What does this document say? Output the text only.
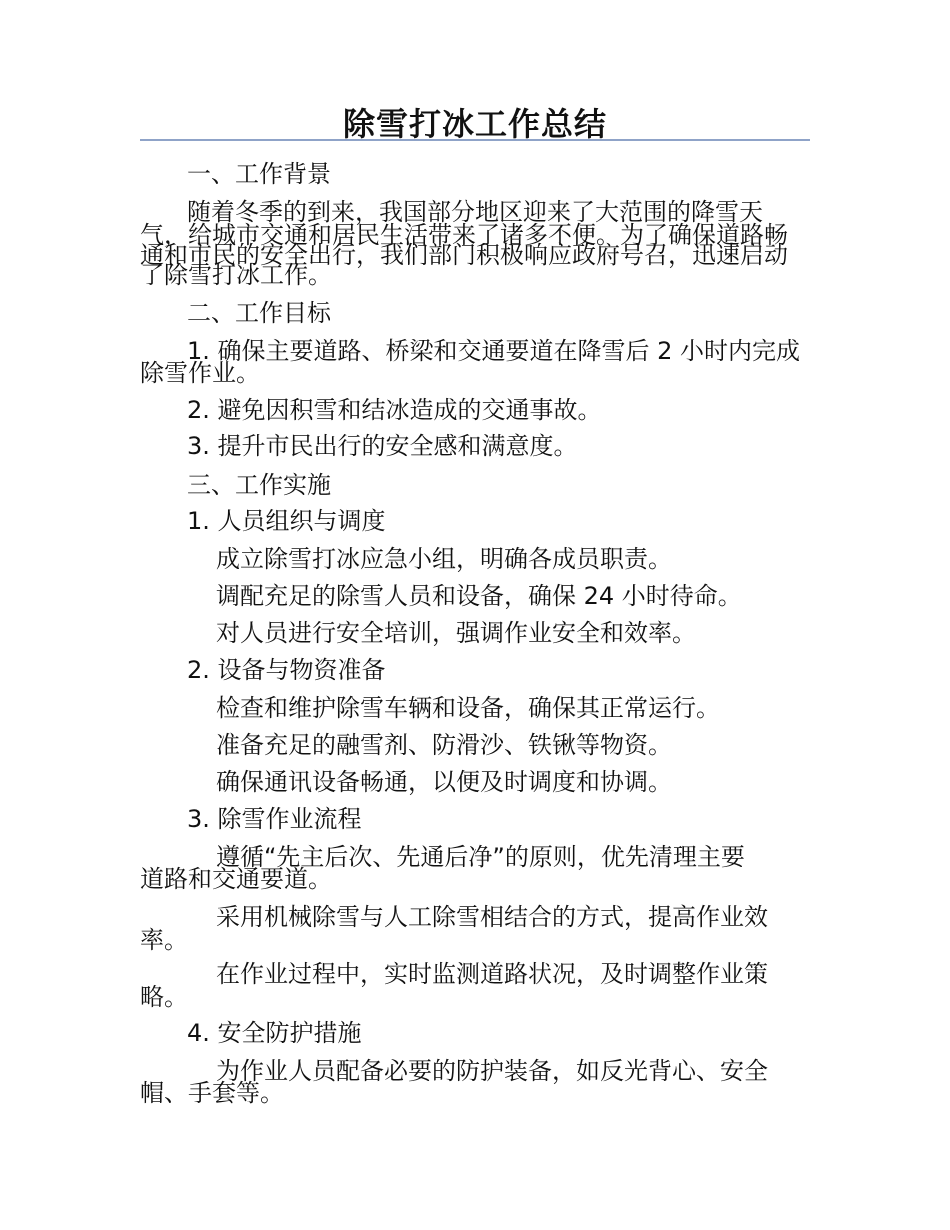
除雪打冰工作总结
一、工作背景
随着冬季的到来，我国部分地区迎来了大范围的降雪天
气，给城市交通和居民生活带来了诸多不便。为了确保道路畅
通和市民的安全出行，我们部门积极响应政府号召，迅速启动
了除雪打冰工作。
二、工作目标
1. 确保主要道路、桥梁和交通要道在降雪后 2 小时内完成
除雪作业。
2. 避免因积雪和结冰造成的交通事故。
3. 提升市民出行的安全感和满意度。
三、工作实施
1. 人员组织与调度
成立除雪打冰应急小组，明确各成员职责。
调配充足的除雪人员和设备，确保 24 小时待命。
对人员进行安全培训，强调作业安全和效率。
2. 设备与物资准备
检查和维护除雪车辆和设备，确保其正常运行。
准备充足的融雪剂、防滑沙、铁锹等物资。
确保通讯设备畅通，以便及时调度和协调。
3. 除雪作业流程
遵循“先主后次、先通后净”的原则，优先清理主要
道路和交通要道。
采用机械除雪与人工除雪相结合的方式，提高作业效
率。
在作业过程中，实时监测道路状况，及时调整作业策
略。
4. 安全防护措施
为作业人员配备必要的防护装备，如反光背心、安全
帽、手套等。
